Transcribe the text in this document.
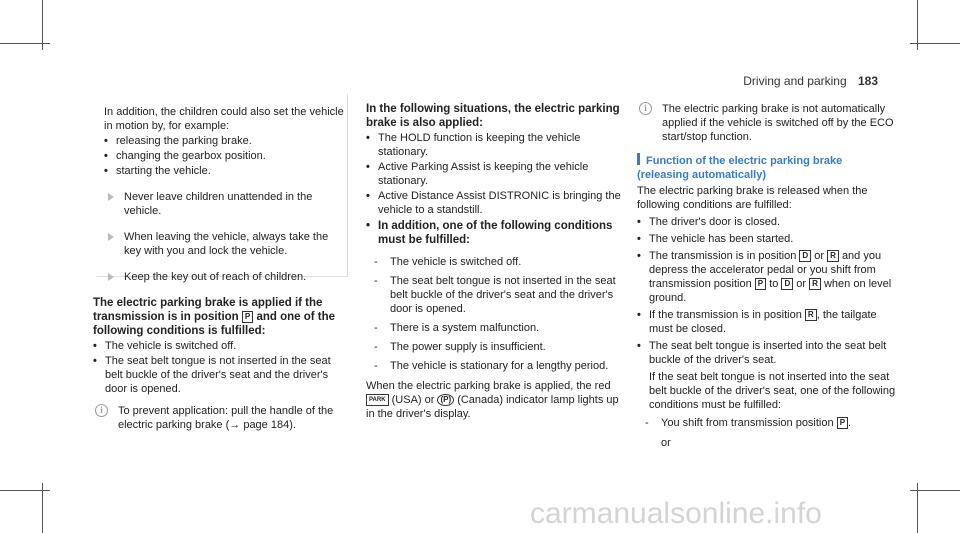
Driving and parking 183

In addition, the children could also set the vehicle in motion by, for example:

• releasing the parking brake.
• changing the gearbox position.
• starting the vehicle.
Never leave children unattended in the vehicle.
When leaving the vehicle, always take the key with you and lock the vehicle.
Keep the key out of reach of children.

The electric parking brake is applied if the transmission is in position P and one of the following conditions is fulfilled:

• The vehicle is switched off.
• The seat belt tongue is not inserted in the seat belt buckle of the driver's seat and the driver's door is opened.
i	To prevent application: pull the handle of the electric parking brake (→ page 184).

In the following situations, the electric parking brake is also applied:

• The HOLD function is keeping the vehicle stationary.
• Active Parking Assist is keeping the vehicle stationary.
• Active Distance Assist DISTRONIC is bringing the vehicle to a standstill.
• In addition, one of the following conditions must be fulfilled:
- The vehicle is switched off.
- The seat belt tongue is not inserted in the seat belt buckle of the driver's seat and the driver's door is opened.
- There is a system malfunction.
- The power supply is insufficient.
- The vehicle is stationary for a lengthy period.

When the electric parking brake is applied, the red PARK (USA) or (P) (Canada) indicator lamp lights up in the driver's display.

i	The electric parking brake is not automatically applied if the vehicle is switched off by the ECO start/stop function.

Function of the electric parking brake (releasing automatically)

The electric parking brake is released when the following conditions are fulfilled:

• The driver's door is closed.
• The vehicle has been started.
• The transmission is in position D or R and you depress the accelerator pedal or you shift from transmission position P to D or R when on level ground.
• If the transmission is in position R , the tailgate must be closed.
• The seat belt tongue is inserted into the seat belt buckle of the driver's seat.

If the seat belt tongue is not inserted into the seat belt buckle of the driver's seat, one of the following conditions must be fulfilled:

- You shift from transmission position P .

or

carmanualsonline.info
